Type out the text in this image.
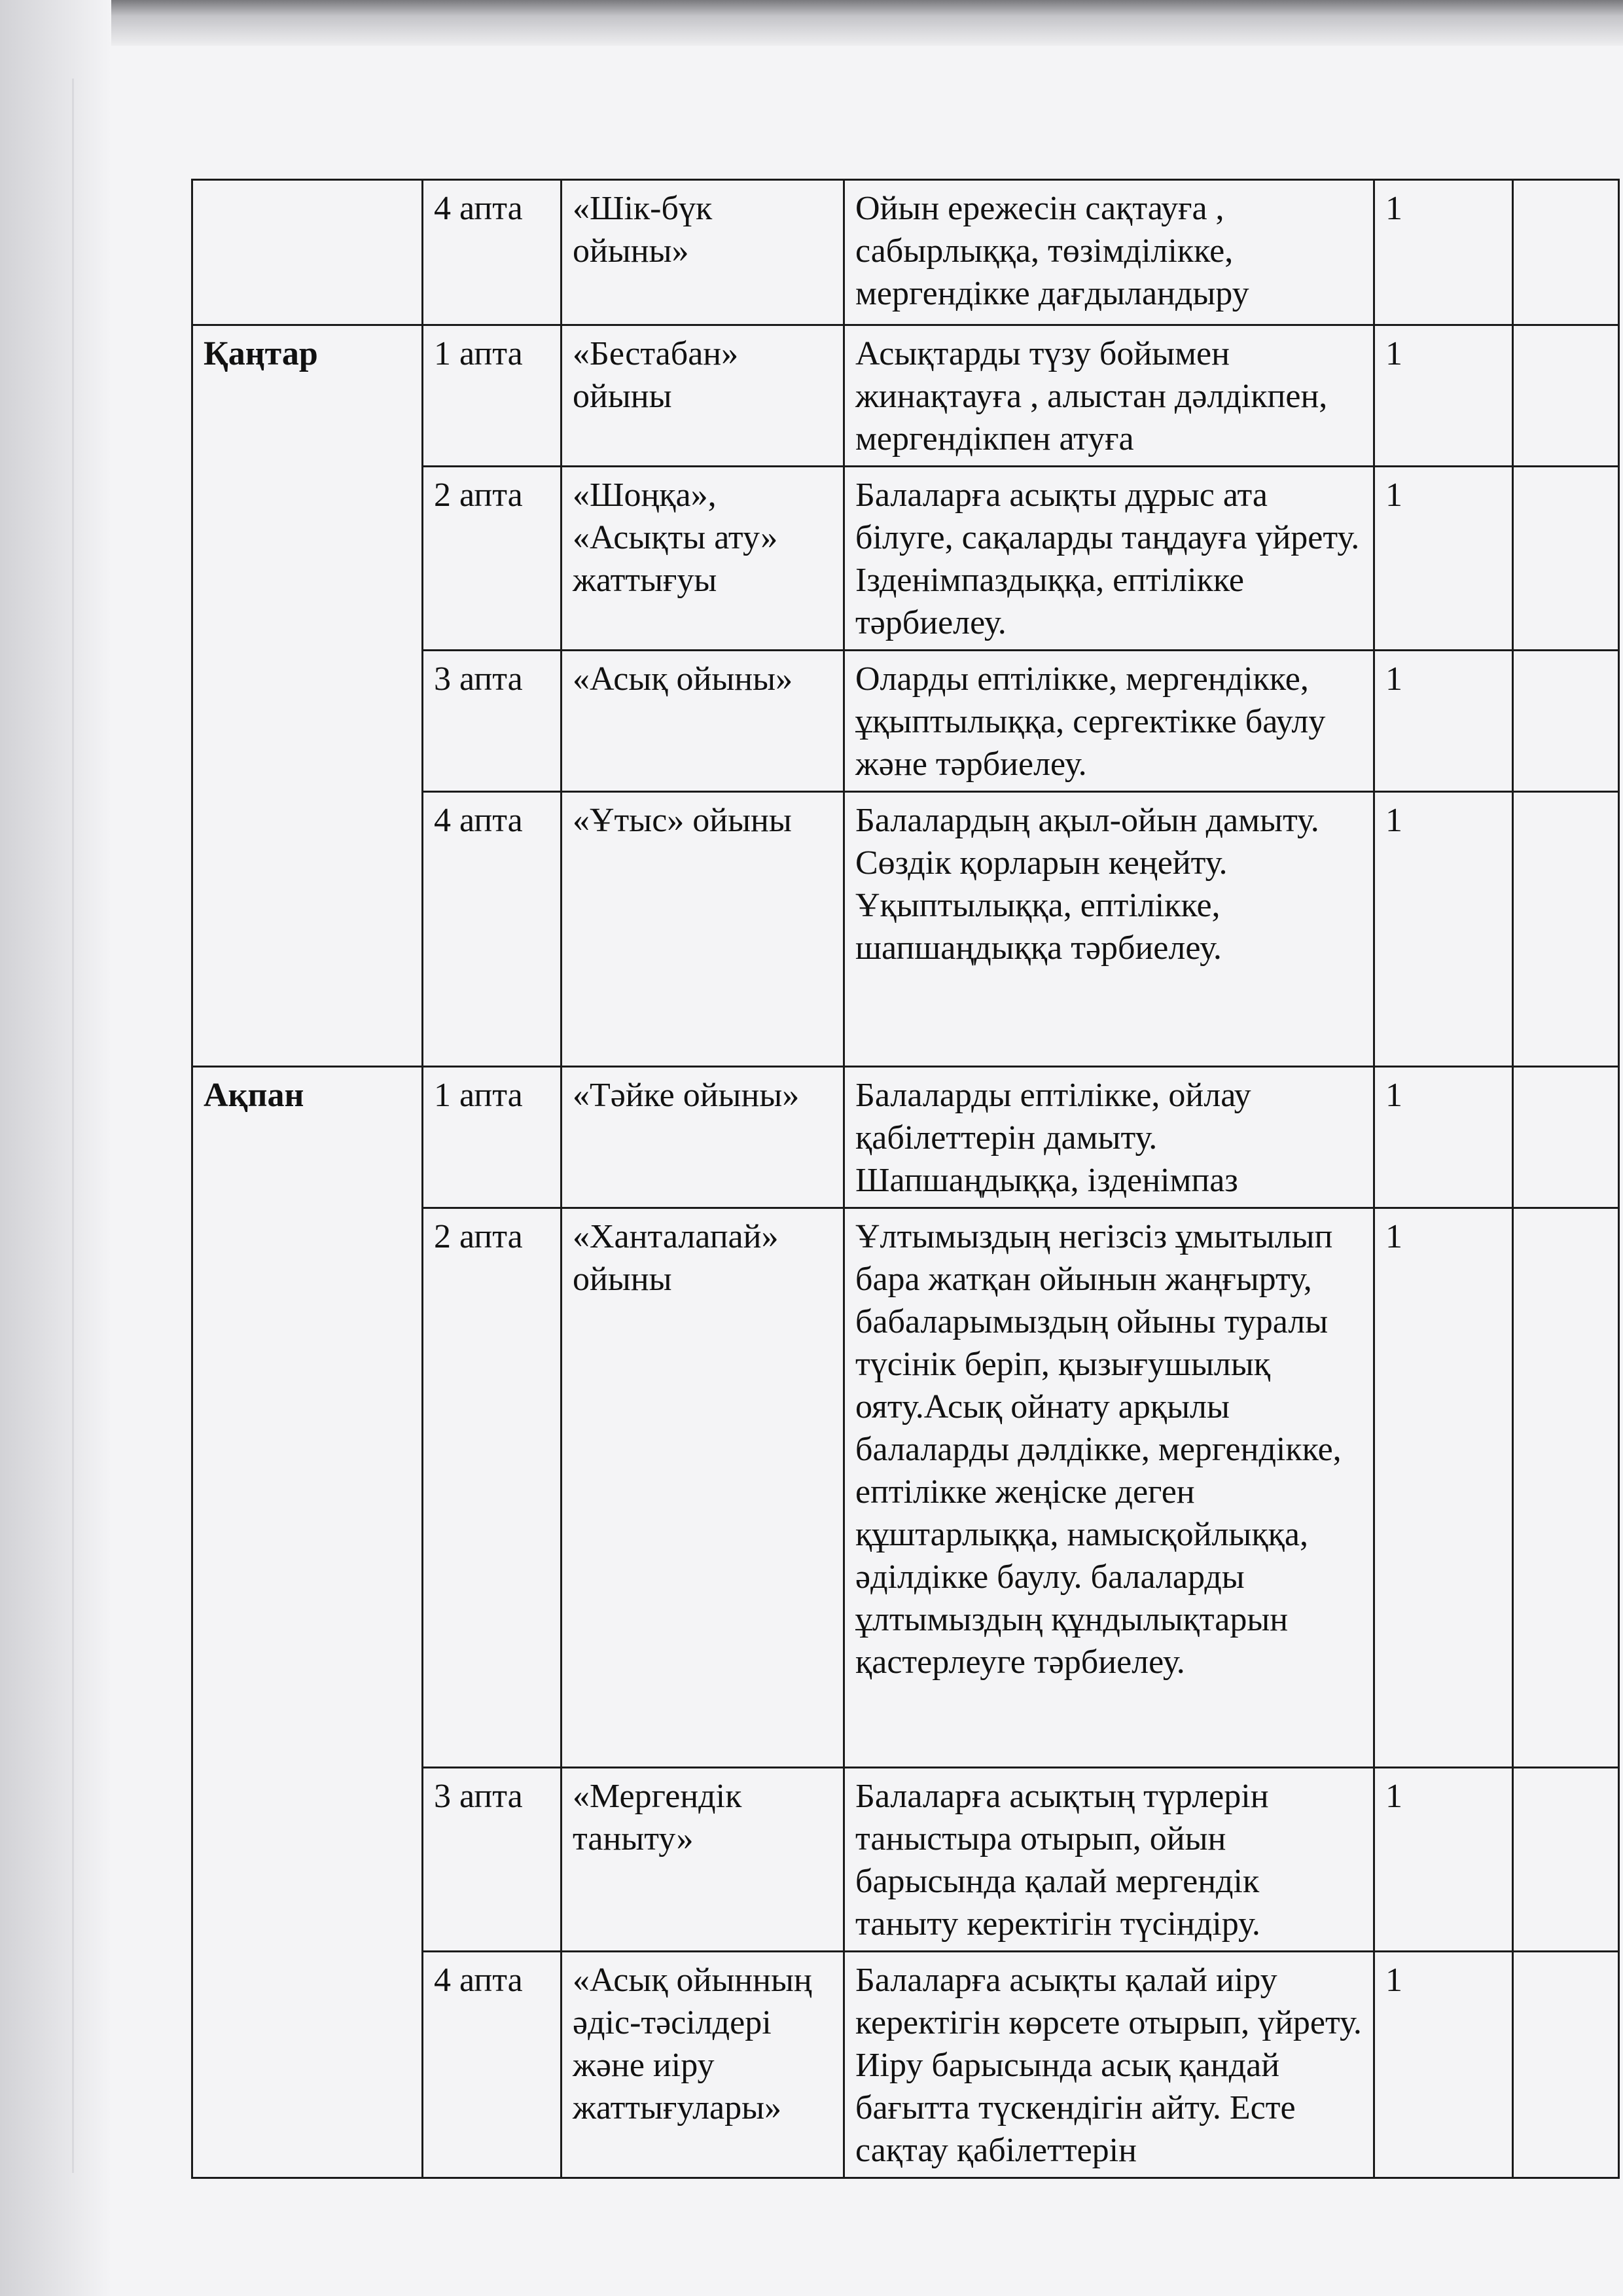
	4 апта	«Шік-бүк ойыны»	Ойын ережесін сақтауға , сабырлыққа, төзімділікке, мергендікке дағдыландыру	1	

Қаңтар	1 апта	«Бестабан» ойыны	Асықтарды түзу бойымен жинақтауға , алыстан дәлдікпен, мергендікпен атуға	1	

	2 апта	«Шоңқа», «Асықты ату» жаттығуы	Балаларға асықты дұрыс ата білуге, сақаларды таңдауға үйрету. Ізденімпаздыққа, ептілікке тәрбиелеу.	1	

	3 апта	«Асық ойыны»	Оларды ептілікке, мергендікке, ұқыптылыққа, сергектікке баулу және тәрбиелеу.	1	

	4 апта	«Ұтыс» ойыны	Балалардың ақыл-ойын дамыту. Сөздік қорларын кеңейту. Ұқыптылыққа, ептілікке, шапшаңдыққа тәрбиелеу.	1	

Ақпан	1 апта	«Тәйке ойыны»	Балаларды ептілікке, ойлау қабілеттерін дамыту. Шапшаңдыққа, ізденімпаз	1	

	2 апта	«Ханталапай» ойыны	Ұлтымыздың негізсіз ұмытылып бара жатқан ойынын жаңғырту, бабаларымыздың ойыны туралы түсінік беріп, қызығушылық ояту.Асық ойнату арқылы балаларды дәлдікке, мергендікке, ептілікке жеңіске деген құштарлыққа, намысқойлыққа, әділдікке баулу. балаларды ұлтымыздың құндылықтарын қастерлеуге тәрбиелеу.	1	

	3 апта	«Мергендік таныту»	Балаларға асықтың түрлерін таныстыра отырып, ойын барысында қалай мергендік таныту керектігін түсіндіру.	1	

	4 апта	«Асық ойынның әдіс-тәсілдері және иіру жаттығулары»	Балаларға асықты қалай иіру керектігін көрсете отырып, үйрету. Иіру барысында асық қандай бағытта түскендігін айту. Есте сақтау қабілеттерін	1	
